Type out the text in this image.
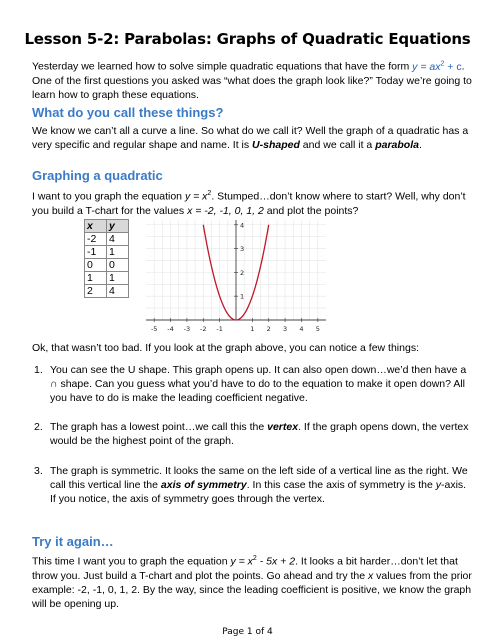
Lesson 5-2: Parabolas: Graphs of Quadratic Equations
Yesterday we learned how to solve simple quadratic equations that have the form $y = ax^2 + c$. One of the first questions you asked was “what does the graph look like?” Today we’re going to learn how to graph these equations.
What do you call these things?
We know we can’t all a curve a line. So what do we call it? Well the graph of a quadratic has a very specific and regular shape and name. It is U-shaped and we call it a parabola.
Graphing a quadratic
I want to you graph the equation $y = x^2$. Stumped…don’t know where to start? Well, why don’t you build a T-chart for the values x = -2, -1, 0, 1, 2 and plot the points?
x	y
-2	4
-1	1
0	0
1	1
2	4
-5 -4 -3 -2 -1	1 2 3 4 5
1
2
3
4
Ok, that wasn’t too bad. If you look at the graph above, you can notice a few things:
1. You can see the U shape. This graph opens up. It can also open down…we’d then have a ∩ shape. Can you guess what you’d have to do to the equation to make it open down? All you have to do is make the leading coefficient negative.
2. The graph has a lowest point…we call this the vertex. If the graph opens down, the vertex would be the highest point of the graph.
3. The graph is symmetric. It looks the same on the left side of a vertical line as the right. We call this vertical line the axis of symmetry. In this case the axis of symmetry is the y-axis. If you notice, the axis of symmetry goes through the vertex.
Try it again…
This time I want you to graph the equation $y = x^2 - 5x + 2$. It looks a bit harder…don’t let that throw you. Just build a T-chart and plot the points. Go ahead and try the x values from the prior example: -2, -1, 0, 1, 2. By the way, since the leading coefficient is positive, we know the graph will be opening up.
Page 1 of 4
